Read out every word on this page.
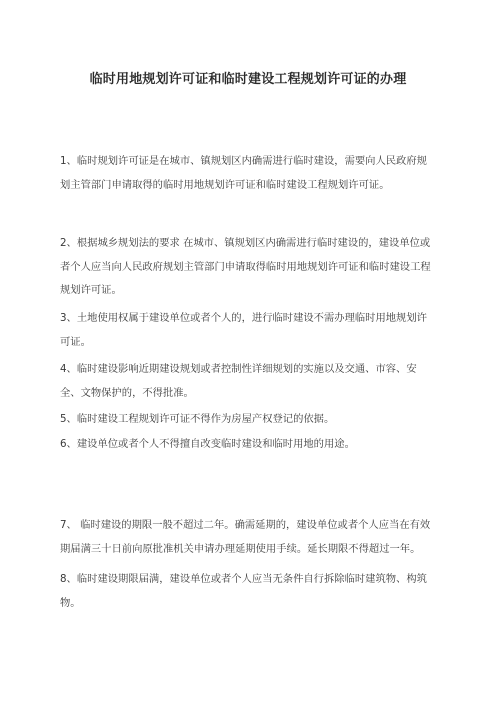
临时用地规划许可证和临时建设工程规划许可证的办理

1、临时规划许可证是在城市、镇规划区内确需进行临时建设，需要向人民政府规划主管部门申请取得的临时用地规划许可证和临时建设工程规划许可证。

2、根据城乡规划法的要求 在城市、镇规划区内确需进行临时建设的，建设单位或者个人应当向人民政府规划主管部门申请取得临时用地规划许可证和临时建设工程规划许可证。

3、土地使用权属于建设单位或者个人的，进行临时建设不需办理临时用地规划许可证。

4、临时建设影响近期建设规划或者控制性详细规划的实施以及交通、市容、安全、文物保护的，不得批准。

5、临时建设工程规划许可证不得作为房屋产权登记的依据。

6、建设单位或者个人不得擅自改变临时建设和临时用地的用途。

7、 临时建设的期限一般不超过二年。确需延期的，建设单位或者个人应当在有效期届满三十日前向原批准机关申请办理延期使用手续。延长期限不得超过一年。

8、临时建设期限届满，建设单位或者个人应当无条件自行拆除临时建筑物、构筑物。
